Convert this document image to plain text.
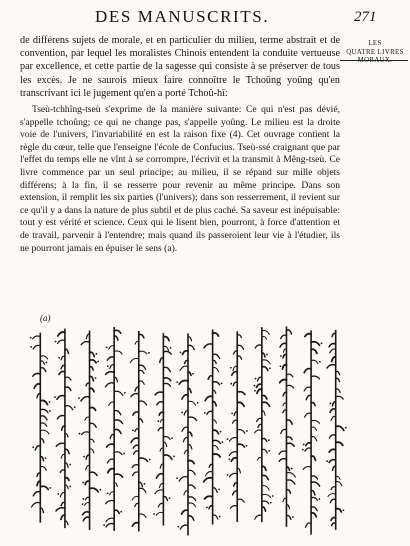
DES MANUSCRITS.	271

de différens sujets de morale, et en particulier du milieu, terme abstrait et de convention, par lequel les moralistes Chinois entendent la conduite vertueuse par excellence, et cette partie de la sagesse qui consiste à se préserver de tous les excès. Je ne saurois mieux faire connoître le Tchoûng yoûng qu'en transcrivant ici le jugement qu'en a porté Tchoû-hî:

Tseù-tchhîng-tseù s'exprime de la manière suivante: Ce qui n'est pas dévié, s'appelle tchoûng; ce qui ne change pas, s'appelle yoûng. Le milieu est la droite voie de l'univers, l'invariabilité en est la raison fixe (4). Cet ouvrage contient la règle du cœur, telle que l'enseigne l'école de Confucius. Tseù-ssé craignant que par l'effet du temps elle ne vînt à se corrompre, l'écrivit et la transmit à Mêng-tseù. Ce livre commence par un seul principe; au milieu, il se répand sur mille objets différens; à la fin, il se resserre pour revenir au même principe. Dans son extension, il remplit les six parties (l'univers); dans son resserrement, il revient sur ce qu'il y a dans la nature de plus subtil et de plus caché. Sa saveur est inépuisable: tout y est vérité et science. Ceux qui le lisent bien, pourront, à force d'attention et de travail, parvenir à l'entendre; mais quand ils passeroient leur vie à l'étudier, ils ne pourront jamais en épuiser le sens (a).

LES
QUATRE LIVRES
(a)
